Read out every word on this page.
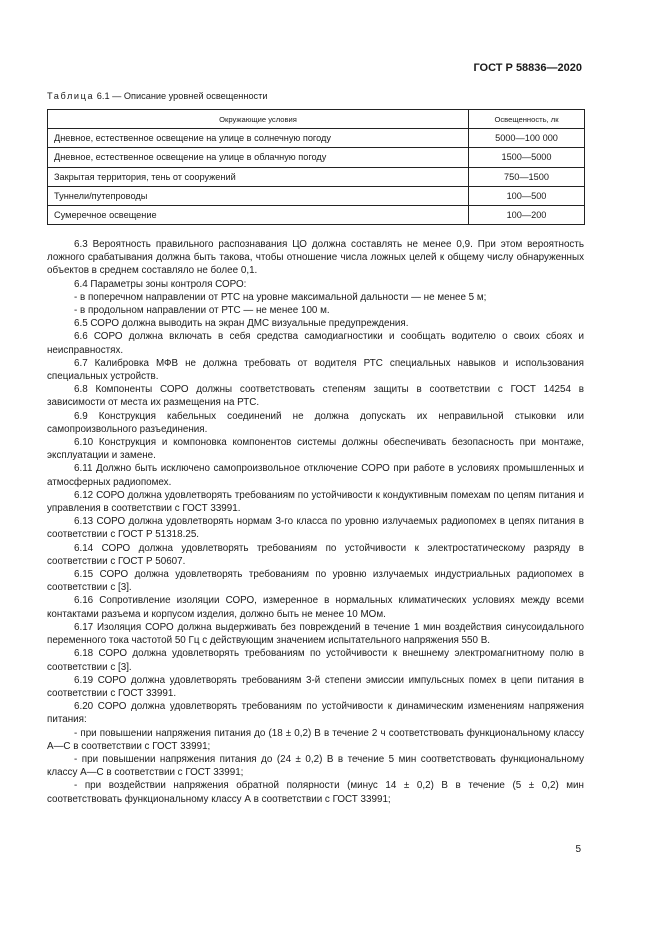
ГОСТ Р 58836—2020
Таблица 6.1 — Описание уровней освещенности
Окружающие условия	Освещенность, лк
Дневное, естественное освещение на улице в солнечную погоду	5000—100 000
Дневное, естественное освещение на улице в облачную погоду	1500—5000
Закрытая территория, тень от сооружений	750—1500
Туннели/путепроводы	100—500
Сумеречное освещение	100—200

6.3 Вероятность правильного распознавания ЦО должна составлять не менее 0,9. При этом вероятность ложного срабатывания должна быть такова, чтобы отношение числа ложных целей к общему числу обнаруженных объектов в среднем составляло не более 0,1.

6.4 Параметры зоны контроля СОРО:

- в поперечном направлении от РТС на уровне максимальной дальности — не менее 5 м;

- в продольном направлении от РТС — не менее 100 м.

6.5 СОРО должна выводить на экран ДМС визуальные предупреждения.

6.6 СОРО должна включать в себя средства самодиагностики и сообщать водителю о своих сбоях и неисправностях.

6.7 Калибровка МФВ не должна требовать от водителя РТС специальных навыков и использования специальных устройств.

6.8 Компоненты СОРО должны соответствовать степеням защиты в соответствии с ГОСТ 14254 в зависимости от места их размещения на РТС.

6.9 Конструкция кабельных соединений не должна допускать их неправильной стыковки или самопроизвольного разъединения.

6.10 Конструкция и компоновка компонентов системы должны обеспечивать безопасность при монтаже, эксплуатации и замене.

6.11 Должно быть исключено самопроизвольное отключение СОРО при работе в условиях промышленных и атмосферных радиопомех.

6.12 СОРО должна удовлетворять требованиям по устойчивости к кондуктивным помехам по цепям питания и управления в соответствии с ГОСТ 33991.

6.13 СОРО должна удовлетворять нормам 3-го класса по уровню излучаемых радиопомех в цепях питания в соответствии с ГОСТ Р 51318.25.

6.14 СОРО должна удовлетворять требованиям по устойчивости к электростатическому разряду в соответствии с ГОСТ Р 50607.

6.15 СОРО должна удовлетворять требованиям по уровню излучаемых индустриальных радиопомех в соответствии с [3].

6.16 Сопротивление изоляции СОРО, измеренное в нормальных климатических условиях между всеми контактами разъема и корпусом изделия, должно быть не менее 10 МОм.

6.17 Изоляция СОРО должна выдерживать без повреждений в течение 1 мин воздействия синусоидального переменного тока частотой 50 Гц с действующим значением испытательного напряжения 550 В.

6.18 СОРО должна удовлетворять требованиям по устойчивости к внешнему электромагнитному полю в соответствии с [3].

6.19 СОРО должна удовлетворять требованиям 3-й степени эмиссии импульсных помех в цепи питания в соответствии с ГОСТ 33991.

6.20 СОРО должна удовлетворять требованиям по устойчивости к динамическим изменениям напряжения питания:

- при повышении напряжения питания до (18 ± 0,2) В в течение 2 ч соответствовать функциональному классу А—С в соответствии с ГОСТ 33991;

- при повышении напряжения питания до (24 ± 0,2) В в течение 5 мин соответствовать функциональному классу А—С в соответствии с ГОСТ 33991;

- при воздействии напряжения обратной полярности (минус 14 ± 0,2) В в течение (5 ± 0,2) мин соответствовать функциональному классу А в соответствии с ГОСТ 33991;

5
